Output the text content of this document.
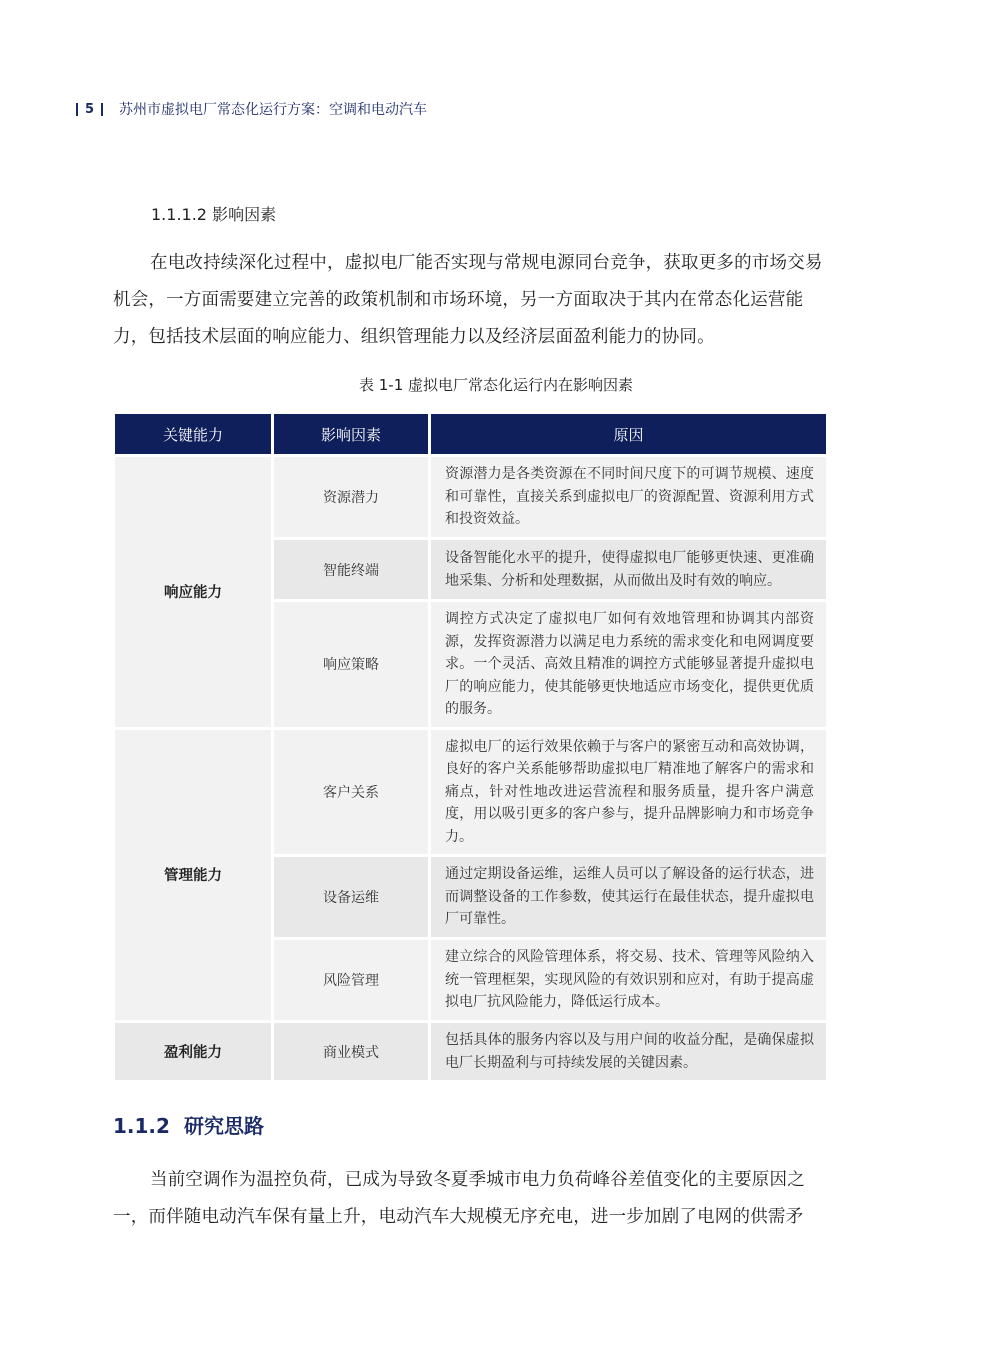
5 苏州市虚拟电厂常态化运行方案：空调和电动汽车
1.1.1.2 影响因素

在电改持续深化过程中，虚拟电厂能否实现与常规电源同台竞争，获取更多的市场交易机会，一方面需要建立完善的政策机制和市场环境，另一方面取决于其内在常态化运营能力，包括技术层面的响应能力、组织管理能力以及经济层面盈利能力的协同。

表 1-1 虚拟电厂常态化运行内在影响因素
关键能力	影响因素	原因
响应能力	资源潜力	资源潜力是各类资源在不同时间尺度下的可调节规模、速度和可靠性，直接关系到虚拟电厂的资源配置、资源利用方式和投资效益。
	智能终端	设备智能化水平的提升，使得虚拟电厂能够更快速、更准确地采集、分析和处理数据，从而做出及时有效的响应。
	响应策略	调控方式决定了虚拟电厂如何有效地管理和协调其内部资源，发挥资源潜力以满足电力系统的需求变化和电网调度要求。一个灵活、高效且精准的调控方式能够显著提升虚拟电厂的响应能力，使其能够更快地适应市场变化，提供更优质的服务。
管理能力	客户关系	虚拟电厂的运行效果依赖于与客户的紧密互动和高效协调，良好的客户关系能够帮助虚拟电厂精准地了解客户的需求和痛点，针对性地改进运营流程和服务质量，提升客户满意度，用以吸引更多的客户参与，提升品牌影响力和市场竞争力。
	设备运维	通过定期设备运维，运维人员可以了解设备的运行状态，进而调整设备的工作参数，使其运行在最佳状态，提升虚拟电厂可靠性。
	风险管理	建立综合的风险管理体系，将交易、技术、管理等风险纳入统一管理框架，实现风险的有效识别和应对，有助于提高虚拟电厂抗风险能力，降低运行成本。
盈利能力	商业模式	包括具体的服务内容以及与用户间的收益分配，是确保虚拟电厂长期盈利与可持续发展的关键因素。
1.1.2 研究思路

当前空调作为温控负荷，已成为导致冬夏季城市电力负荷峰谷差值变化的主要原因之一，而伴随电动汽车保有量上升，电动汽车大规模无序充电，进一步加剧了电网的供需矛
